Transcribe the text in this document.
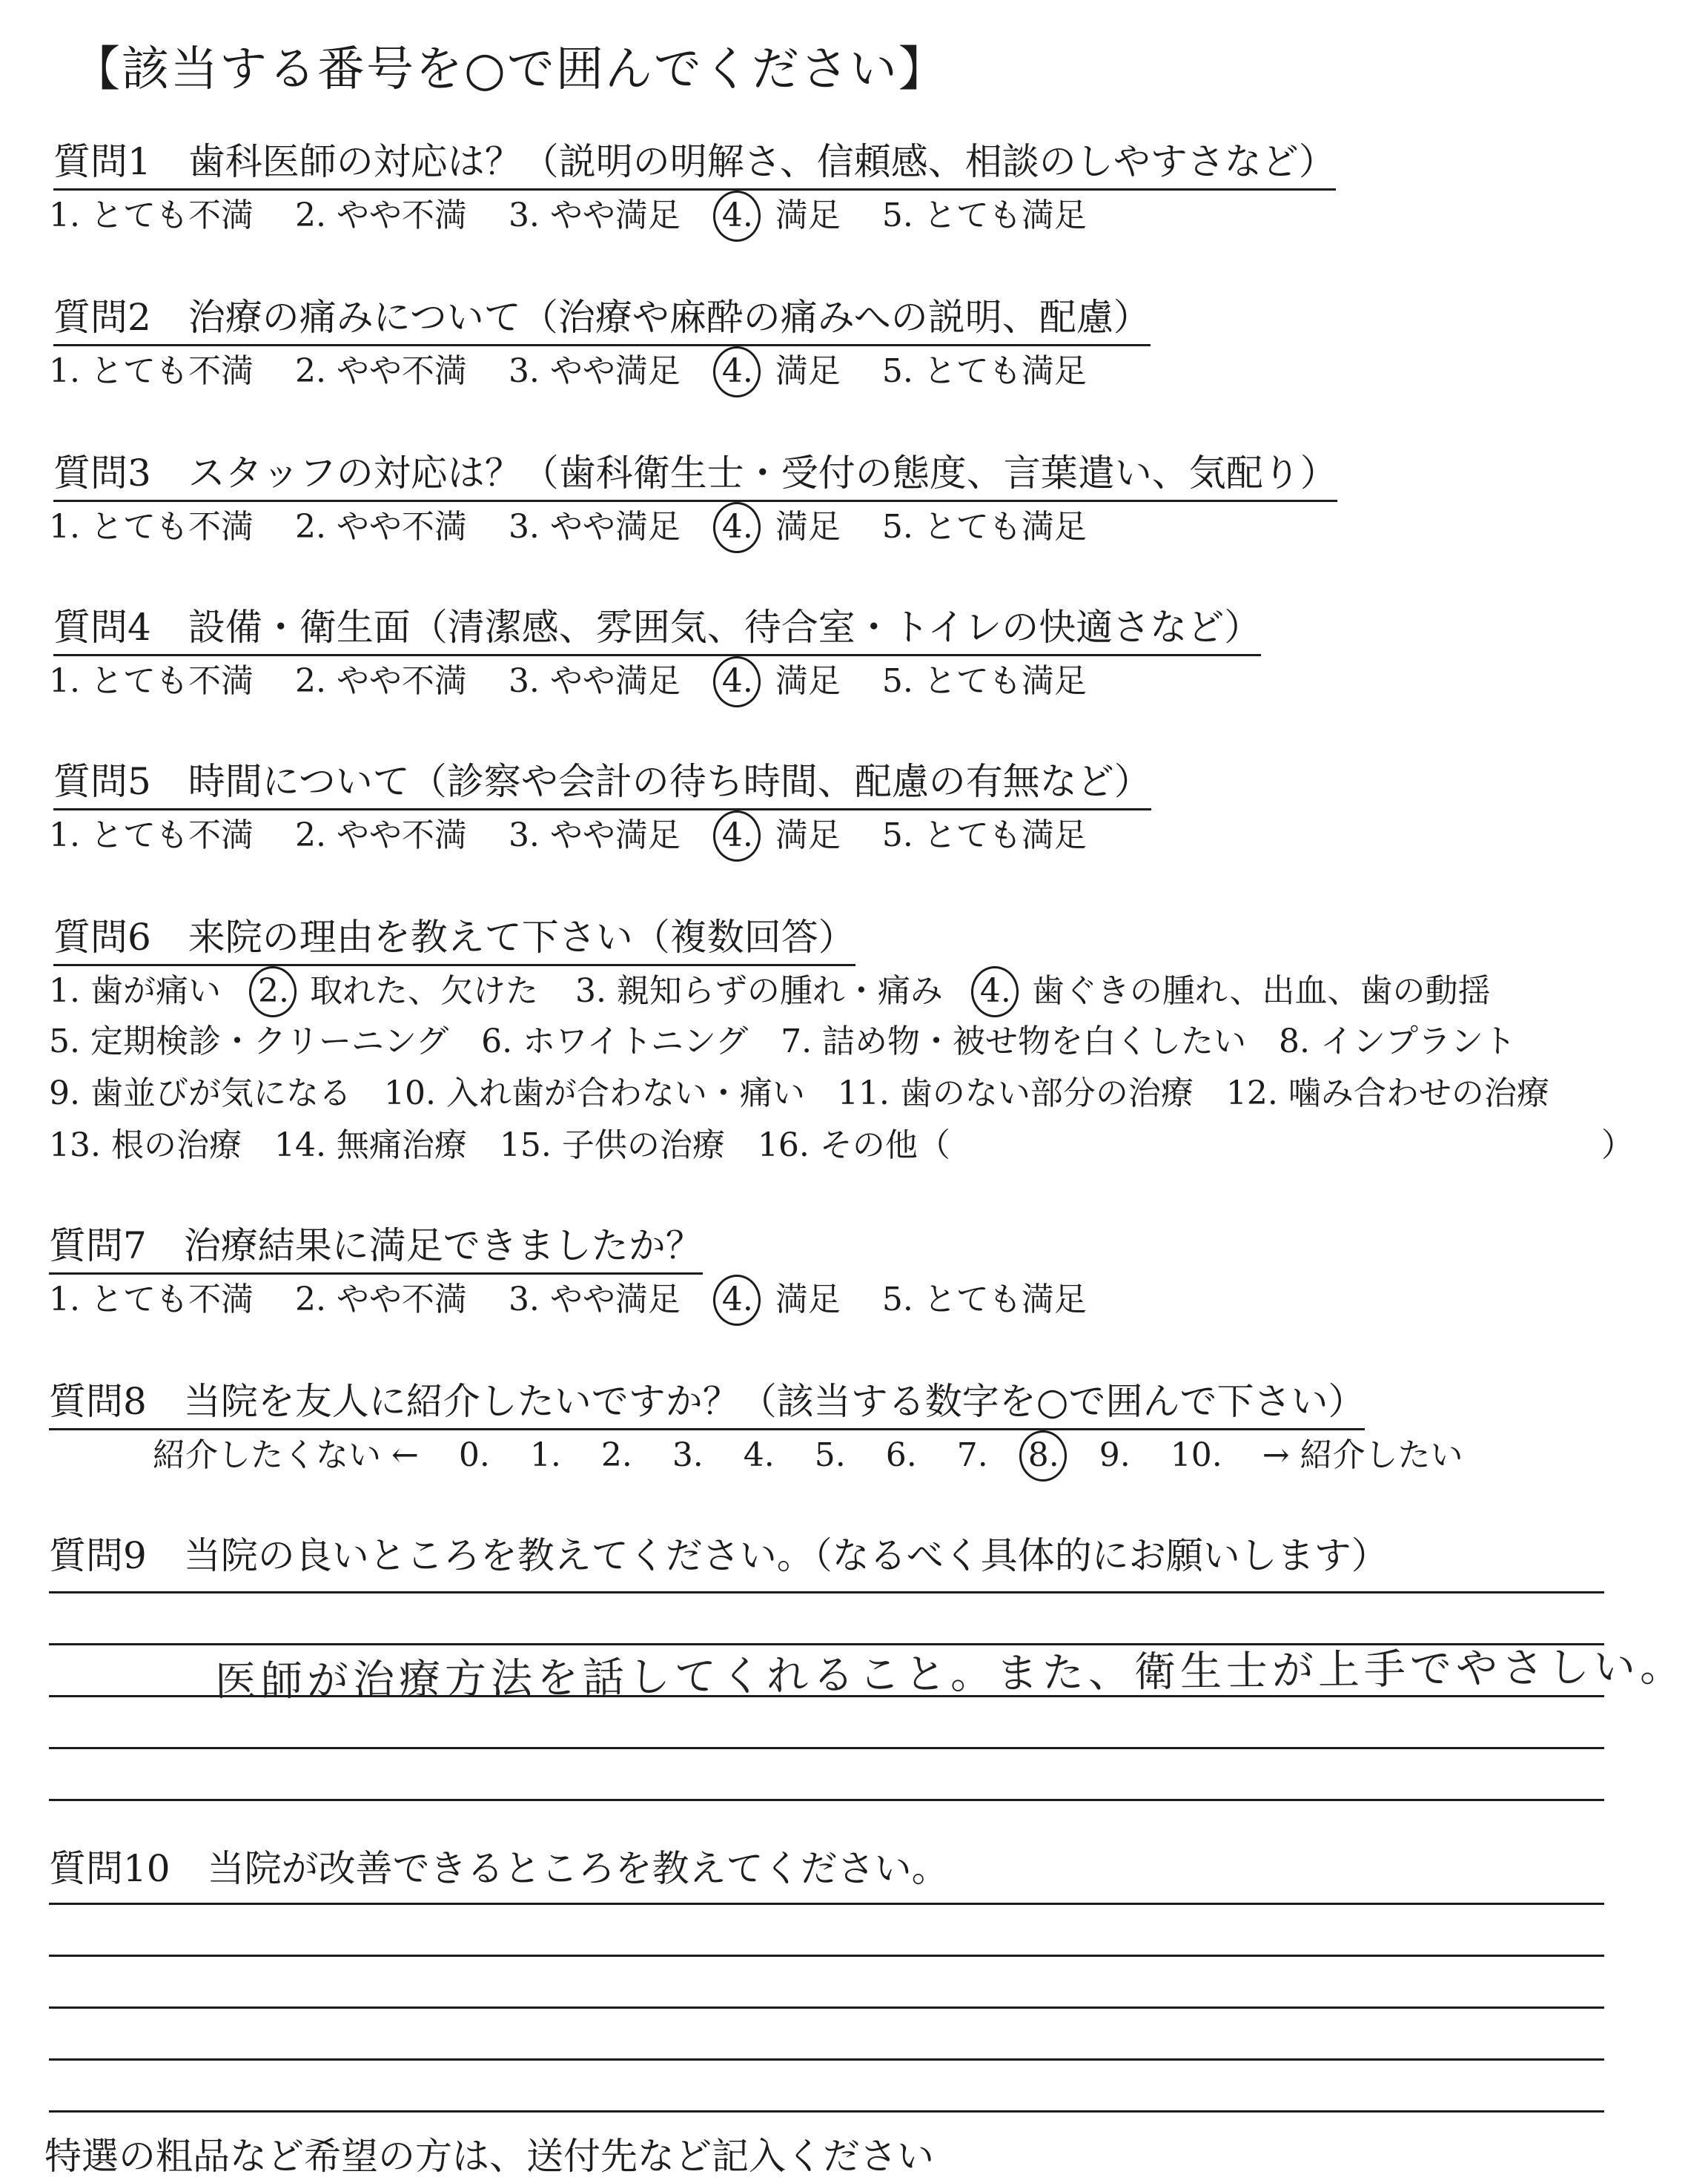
【該当する番号を○で囲んでください】
質問1　歯科医師の対応は？（説明の明解さ、信頼感、相談のしやすさなど）
1. とても不満 2. やや不満 3. やや満足 4. 満足 5. とても満足
質問2　治療の痛みについて（治療や麻酔の痛みへの説明、配慮）
1. とても不満 2. やや不満 3. やや満足 4. 満足 5. とても満足
質問3　スタッフの対応は？（歯科衛生士・受付の態度、言葉遣い、気配り）
1. とても不満 2. やや不満 3. やや満足 4. 満足 5. とても満足
質問4　設備・衛生面（清潔感、雰囲気、待合室・トイレの快適さなど）
1. とても不満 2. やや不満 3. やや満足 4. 満足 5. とても満足
質問5　時間について（診察や会計の待ち時間、配慮の有無など）
1. とても不満 2. やや不満 3. やや満足 4. 満足 5. とても満足
質問6　来院の理由を教えて下さい（複数回答）
1. 歯が痛い 2. 取れた、欠けた 3. 親知らずの腫れ・痛み 4. 歯ぐきの腫れ、出血、歯の動揺
5. 定期検診・クリーニング　6. ホワイトニング　7. 詰め物・被せ物を白くしたい　8. インプラント
9. 歯並びが気になる　10. 入れ歯が合わない・痛い　11. 歯のない部分の治療　12. 噛み合わせの治療
13. 根の治療　14. 無痛治療　15. 子供の治療　16. その他（	）
質問7　治療結果に満足できましたか？
1. とても不満 2. やや不満 3. やや満足 4. 満足 5. とても満足
質問8　当院を友人に紹介したいですか？（該当する数字を○で囲んで下さい）
紹介したくない ← 0. 1. 2. 3. 4. 5. 6. 7. 8. 9. 10. → 紹介したい
質問9　当院の良いところを教えてください。（なるべく具体的にお願いします）
医師が治療方法を話してくれること。また、衛生士が上手でやさしい。
質問10　当院が改善できるところを教えてください。
特選の粗品など希望の方は、送付先など記入ください
